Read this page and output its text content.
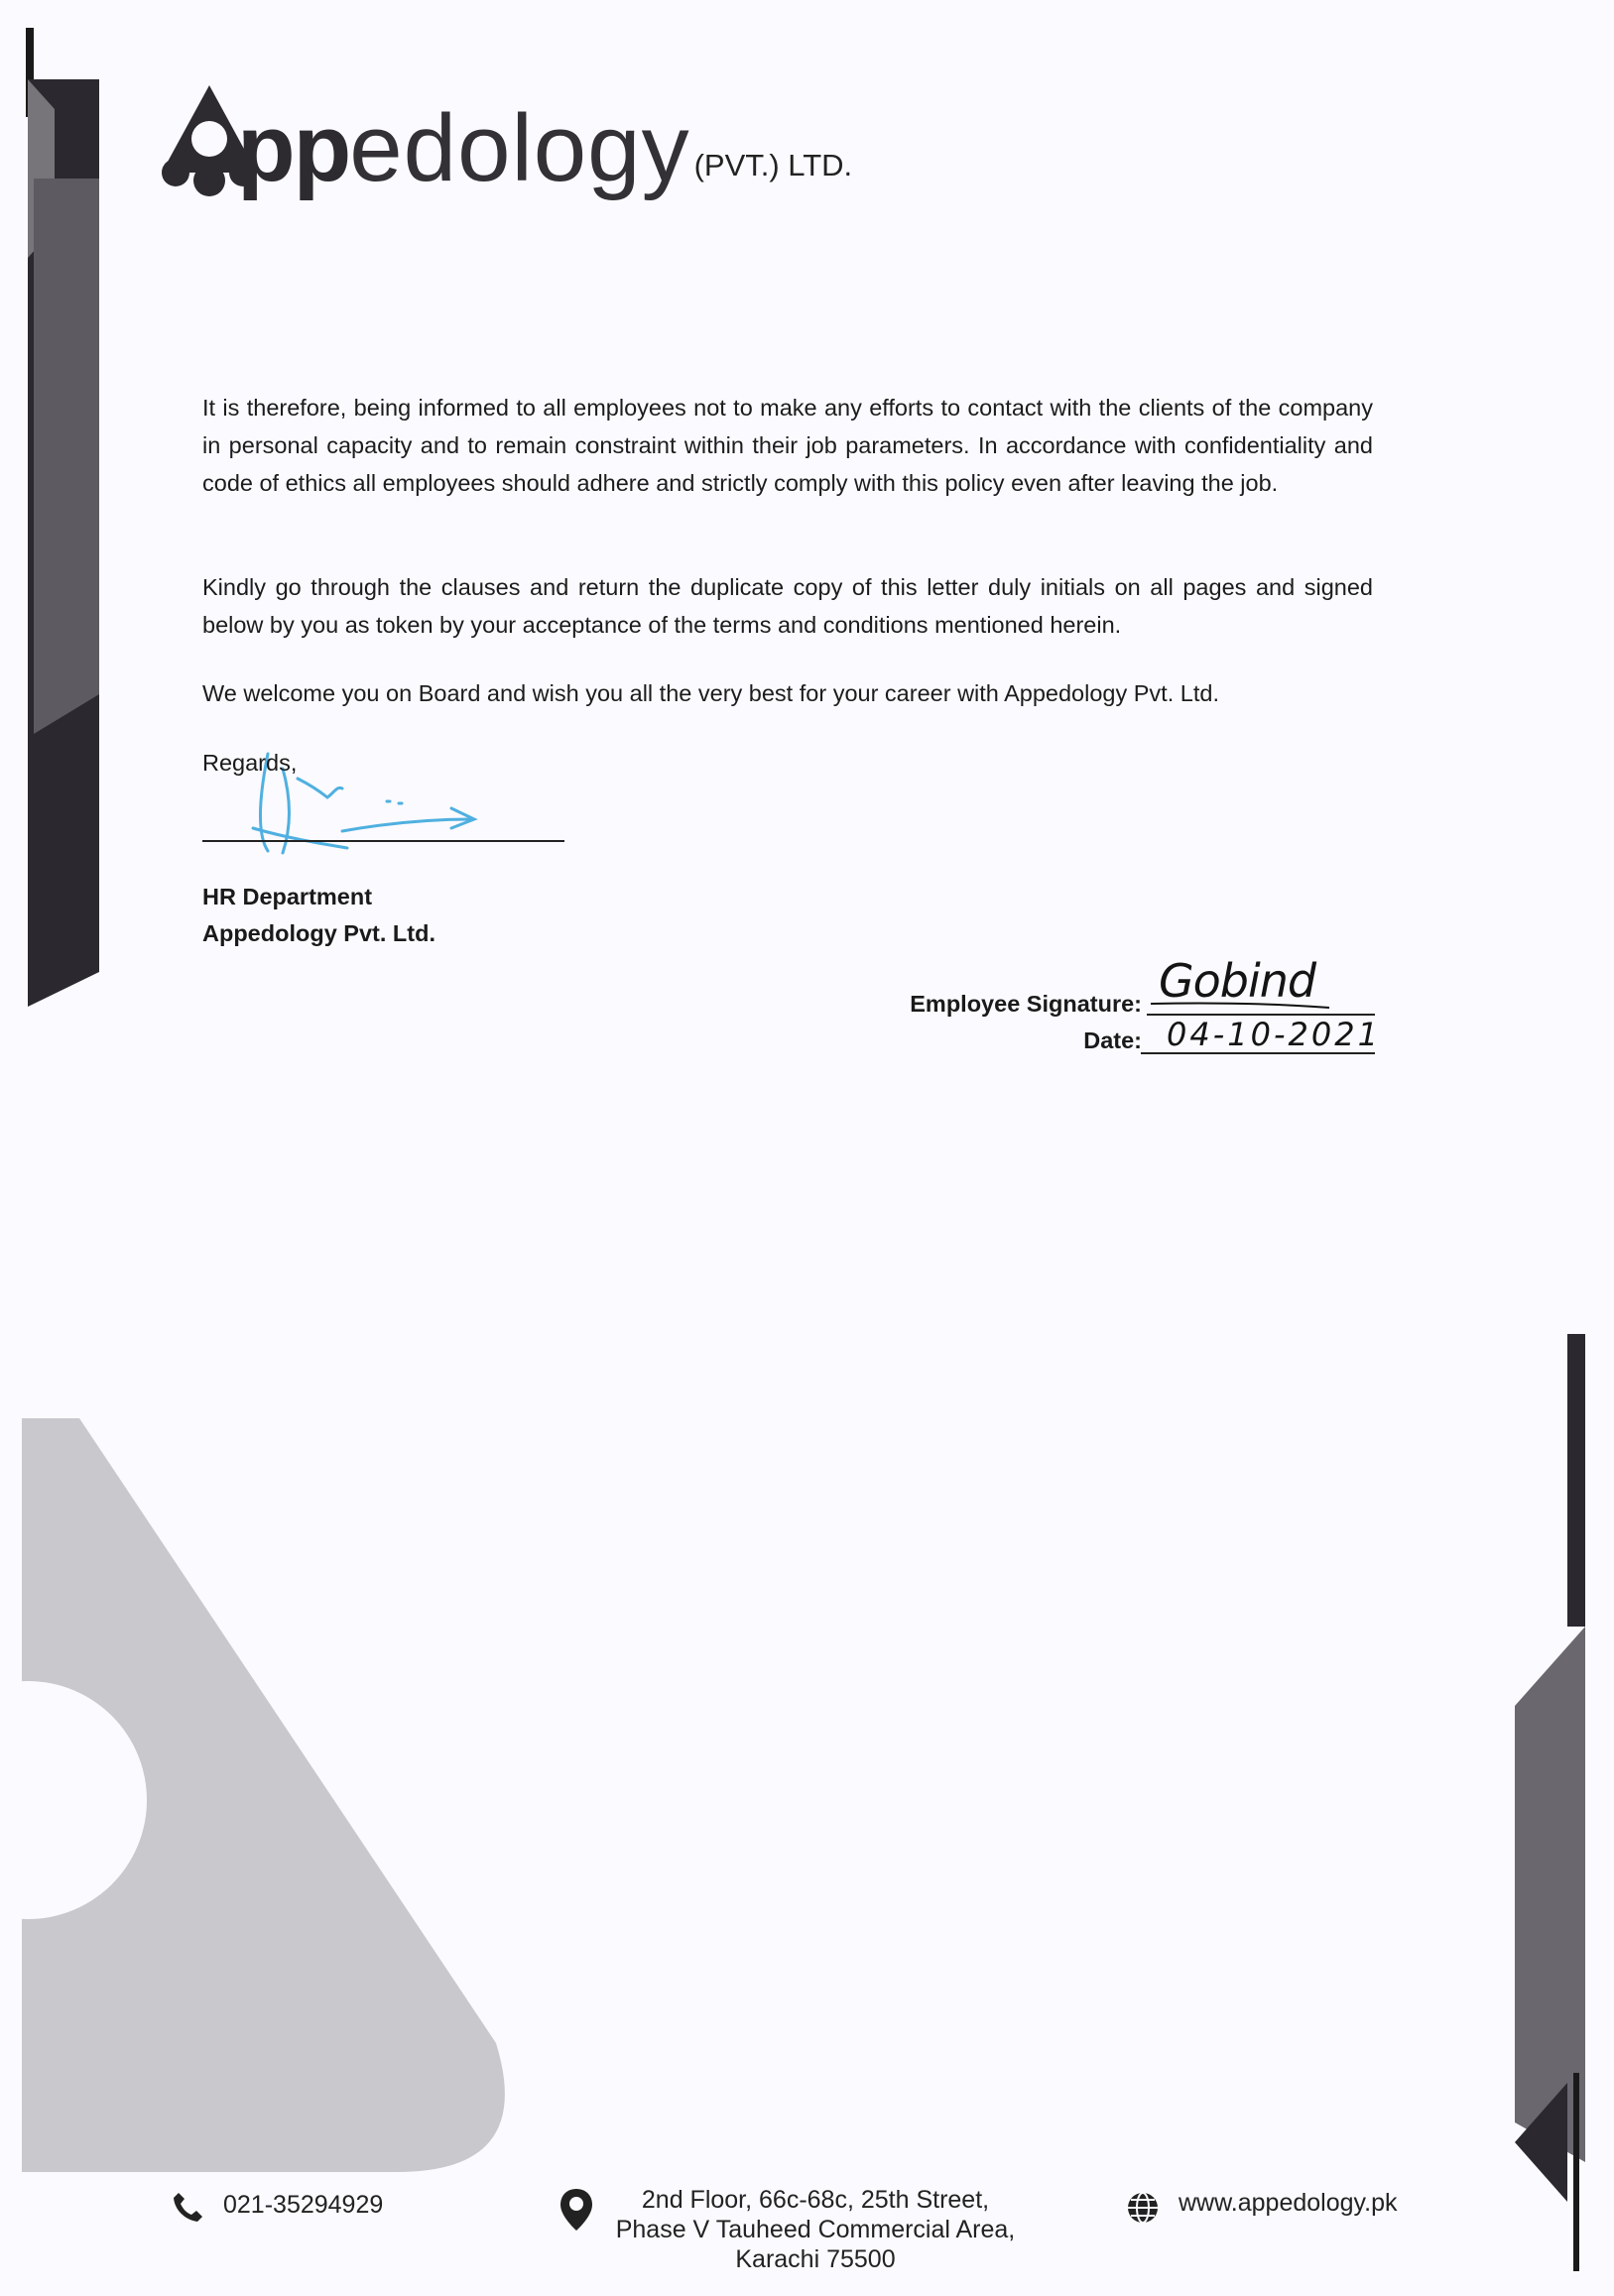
pp edology (PVT.) LTD.
It is therefore, being informed to all employees not to make any efforts to contact with the clients of the company in personal capacity and to remain constraint within their job parameters. In accordance with confidentiality and code of ethics all employees should adhere and strictly comply with this policy even after leaving the job.
Kindly go through the clauses and return the duplicate copy of this letter duly initials on all pages and signed below by you as token by your acceptance of the terms and conditions mentioned herein.
We welcome you on Board and wish you all the very best for your career with Appedology Pvt. Ltd.
Regards,
HR Department
Appedology Pvt. Ltd.
Employee Signature: Gobind
Date: 04-10-2021
021-35294929	2nd Floor, 66c-68c, 25th Street,
Phase V Tauheed Commercial Area,
Karachi 75500
www.appedology.pk
